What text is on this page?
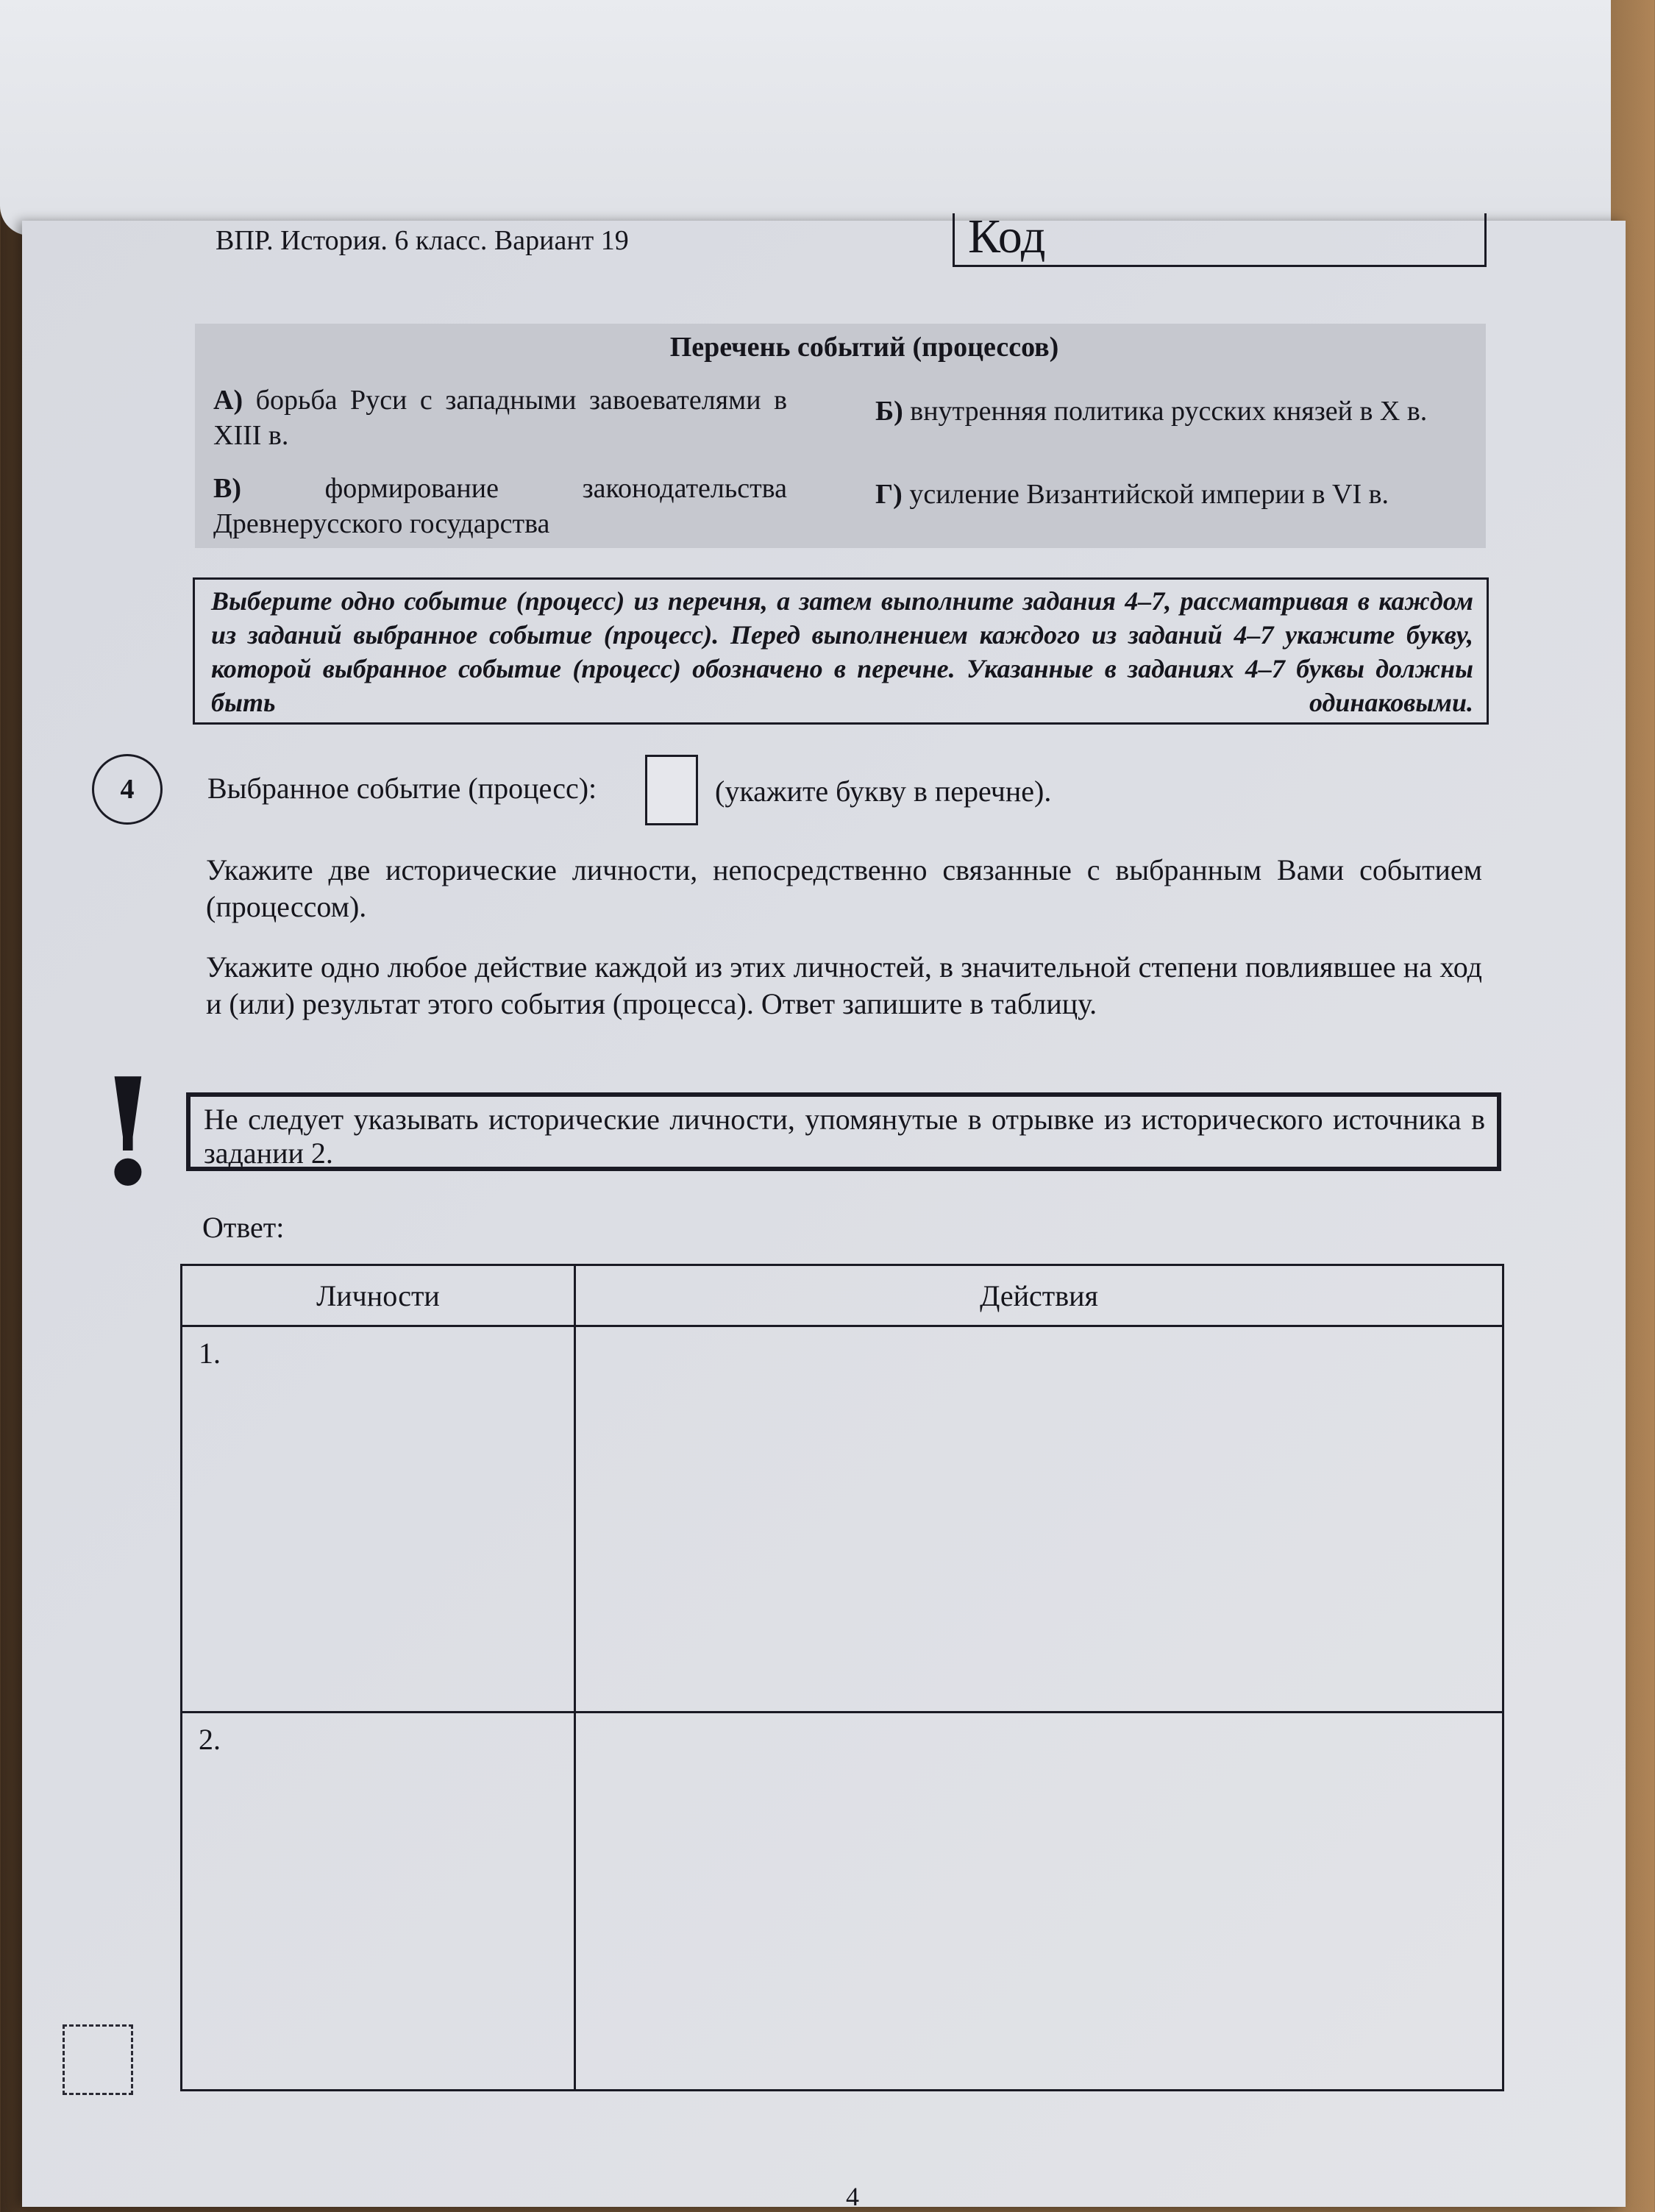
ВПР. История. 6 класс. Вариант 19	Код
Перечень событий (процессов)
А) борьба Руси с западными завоевателями в XIII в.
Б) внутренняя политика русских князей в X в.
В)	формирование законодательства Древнерусского государства
Г) усиление Византийской империи в VI в.
Выберите одно событие (процесс) из перечня, а затем выполните задания 4–7, рассматривая в каждом из заданий выбранное событие (процесс). Перед выполнением каждого из заданий 4–7 укажите букву, которой выбранное событие (процесс) обозначено в перечне. Указанные в заданиях 4–7 буквы должны быть одинаковыми.
4	Выбранное событие (процесс):	(укажите букву в перечне).
Укажите две исторические личности, непосредственно связанные с выбранным Вами событием (процессом).
Укажите одно любое действие каждой из этих личностей, в значительной степени повлиявшее на ход и (или) результат этого события (процесса). Ответ запишите в таблицу.
!	Не следует указывать исторические личности, упомянутые в отрывке из исторического источника в задании 2.
Ответ:
Личности	Действия
1.	
2.	
4
